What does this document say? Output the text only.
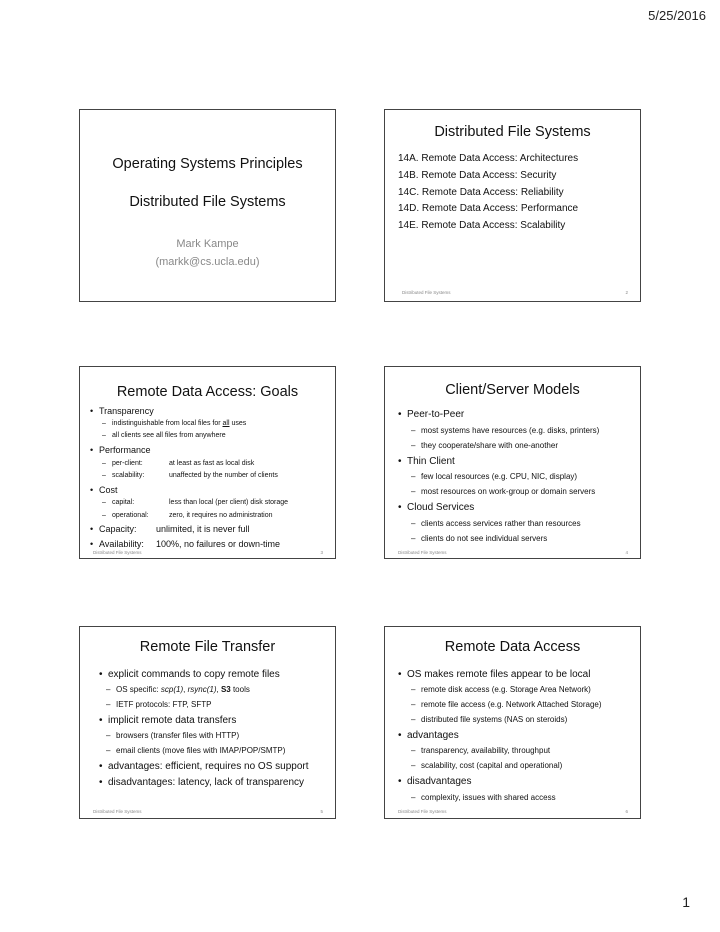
5/25/2016
Operating Systems Principles
Distributed File Systems
Mark Kampe
(markk@cs.ucla.edu)
Distributed File Systems
14A. Remote Data Access: Architectures
14B. Remote Data Access: Security
14C. Remote Data Access: Reliability
14D. Remote Data Access: Performance
14E. Remote Data Access: Scalability
Distributed File Systems	2
Remote Data Access: Goals
• Transparency
– indistinguishable from local files for all uses
– all clients see all files from anywhere
• Performance
– per-client:	at least as fast as local disk
– scalability:	unaffected by the number of clients
• Cost
– capital:	less than local (per client) disk storage
– operational:	zero, it requires no administration
• Capacity: unlimited, it is never full
• Availability: 100%, no failures or down-time
Distributed File Systems	3
Client/Server Models
• Peer-to-Peer
– most systems have resources (e.g. disks, printers)
– they cooperate/share with one-another
• Thin Client
– few local resources (e.g. CPU, NIC, display)
– most resources on work-group or domain servers
• Cloud Services
– clients access services rather than resources
– clients do not see individual servers
Distributed File Systems	4
Remote File Transfer
• explicit commands to copy remote files
– OS specific: scp(1), rsync(1), S3 tools
– IETF protocols: FTP, SFTP
• implicit remote data transfers
– browsers (transfer files with HTTP)
– email clients (move files with IMAP/POP/SMTP)
• advantages: efficient, requires no OS support
• disadvantages: latency, lack of transparency
Distributed File Systems	5
Remote Data Access
• OS makes remote files appear to be local
– remote disk access (e.g. Storage Area Network)
– remote file access (e.g. Network Attached Storage)
– distributed file systems (NAS on steroids)
• advantages
– transparency, availability, throughput
– scalability, cost (capital and operational)
• disadvantages
– complexity, issues with shared access
Distributed File Systems	6
1
